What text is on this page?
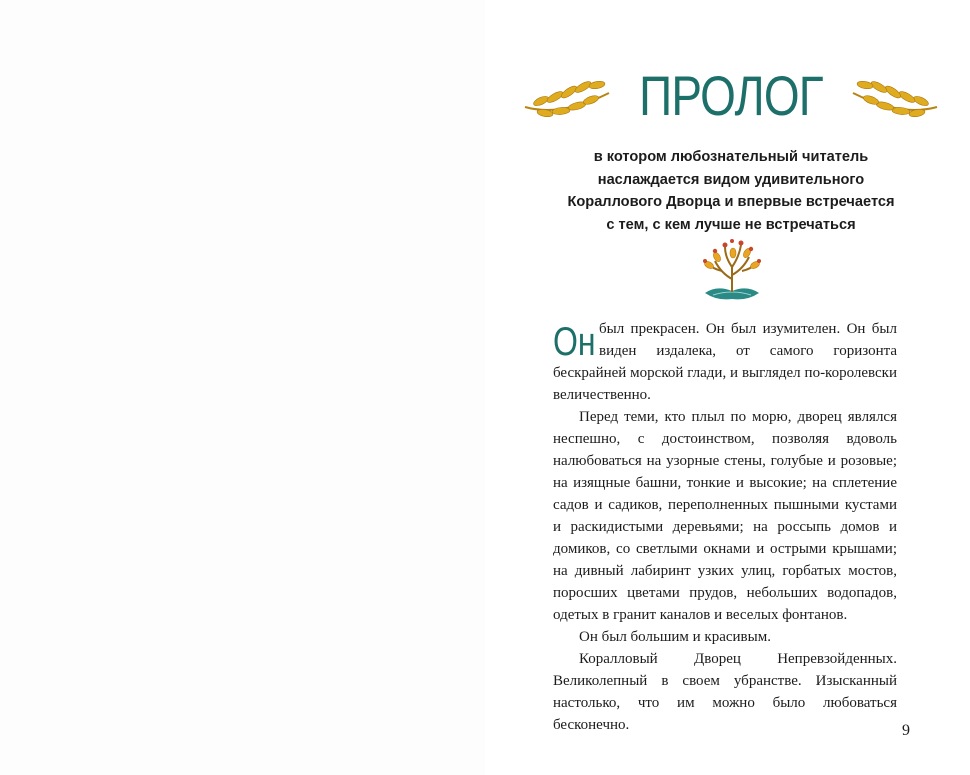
ПРОЛОГ

в котором любознательный читатель
наслаждается видом удивительного
Кораллового Дворца и впервые встречается
с тем, с кем лучше не встречаться

Он был прекрасен. Он был изумителен. Он был виден издалека, от самого горизонта бескрайней морской глади, и выглядел по-королевски величественно.

Перед теми, кто плыл по морю, дворец являлся неспешно, с достоинством, позволяя вдоволь налюбоваться на узорные стены, голубые и розовые; на изящные башни, тонкие и высокие; на сплетение садов и садиков, переполненных пышными кустами и раскидистыми деревьями; на россыпь домов и домиков, со светлыми окнами и острыми крышами; на дивный лабиринт узких улиц, горбатых мостов, поросших цветами прудов, небольших водопадов, одетых в гранит каналов и веселых фонтанов.

Он был большим и красивым.

Коралловый Дворец Непревзойденных. Великолепный в своем убранстве. Изысканный настолько, что им можно было любоваться бесконечно.	9
